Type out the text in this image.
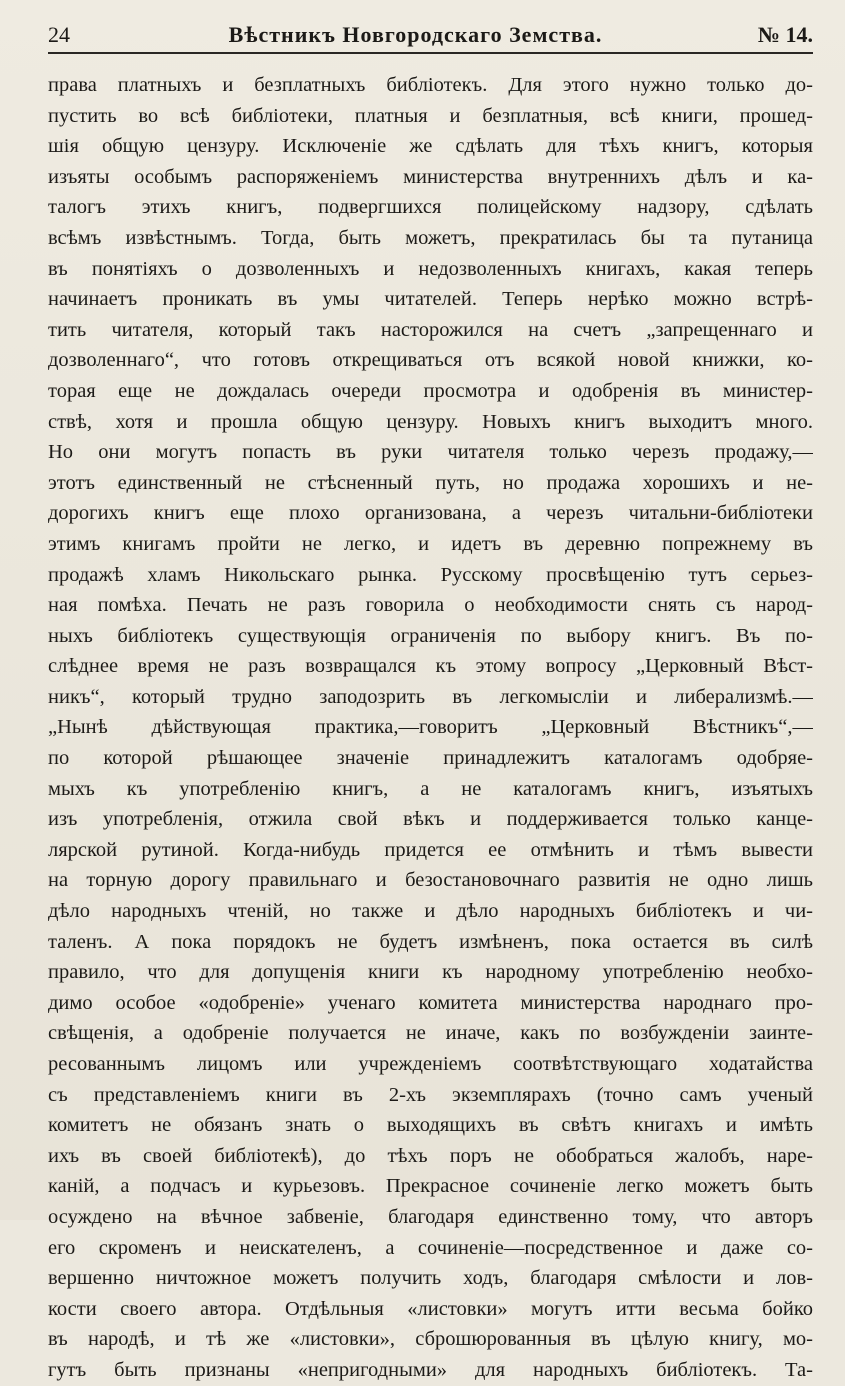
24	Вѣстникъ Новгородскаго Земства.	№ 14.
права платныхъ и безплатныхъ библіотекъ. Для этого нужно только до-
пустить во всѣ библіотеки, платныя и безплатныя, всѣ книги, прошед-
шія общую цензуру. Исключеніе же сдѣлать для тѣхъ книгъ, которыя
изъяты особымъ распоряженіемъ министерства внутреннихъ дѣлъ и ка-
талогъ этихъ книгъ, подвергшихся полицейскому надзору, сдѣлать
всѣмъ извѣстнымъ. Тогда, быть можетъ, прекратилась бы та путаница
въ понятіяхъ о дозволенныхъ и недозволенныхъ книгахъ, какая теперь
начинаетъ проникать въ умы читателей. Теперь нерѣко можно встрѣ-
тить читателя, который такъ насторожился на счетъ „запрещеннаго и
дозволеннаго“, что готовъ открещиваться отъ всякой новой книжки, ко-
торая еще не дождалась очереди просмотра и одобренія въ министер-
ствѣ, хотя и прошла общую цензуру. Новыхъ книгъ выходитъ много.
Но они могутъ попасть въ руки читателя только черезъ продажу,—
этотъ единственный не стѣсненный путь, но продажа хорошихъ и не-
дорогихъ книгъ еще плохо организована, а черезъ читальни-библіотеки
этимъ книгамъ пройти не легко, и идетъ въ деревню попрежнему въ
продажѣ хламъ Никольскаго рынка. Русскому просвѣщенію тутъ серьез-
ная помѣха. Печать не разъ говорила о необходимости снять съ народ-
ныхъ библіотекъ существующія ограниченія по выбору книгъ. Въ по-
слѣднее время не разъ возвращался къ этому вопросу „Церковный Вѣст-
никъ“, который трудно заподозрить въ легкомысліи и либерализмѣ.—
„Нынѣ дѣйствующая практика,—говоритъ „Церковный Вѣстникъ“,—
по которой рѣшающее значеніе принадлежитъ каталогамъ одобряе-
мыхъ къ употребленію книгъ, а не каталогамъ книгъ, изъятыхъ
изъ употребленія, отжила свой вѣкъ и поддерживается только канце-
лярской рутиной. Когда-нибудь придется ее отмѣнить и тѣмъ вывести
на торную дорогу правильнаго и безостановочнаго развитія не одно лишь
дѣло народныхъ чтеній, но также и дѣло народныхъ библіотекъ и чи-
таленъ. А пока порядокъ не будетъ измѣненъ, пока остается въ силѣ
правило, что для допущенія книги къ народному употребленію необхо-
димо особое «одобреніе» ученаго комитета министерства народнаго про-
свѣщенія, а одобреніе получается не иначе, какъ по возбужденіи заинте-
ресованнымъ лицомъ или учрежденіемъ соотвѣтствующаго ходатайства
съ представленіемъ книги въ 2-хъ экземплярахъ (точно самъ ученый
комитетъ не обязанъ знать о выходящихъ въ свѣтъ книгахъ и имѣть
ихъ въ своей библіотекѣ), до тѣхъ поръ не обобраться жалобъ, наре-
каній, а подчасъ и курьезовъ. Прекрасное сочиненіе легко можетъ быть
осуждено на вѣчное забвеніе, благодаря единственно тому, что авторъ
его скроменъ и неискателенъ, а сочиненіе—посредственное и даже со-
вершенно ничтожное можетъ получить ходъ, благодаря смѣлости и лов-
кости своего автора. Отдѣльныя «листовки» могутъ итти весьма бойко
въ народѣ, и тѣ же «листовки», сброшюрованныя въ цѣлую книгу, мо-
гутъ быть признаны «непригодными» для народныхъ библіотекъ. Та-
